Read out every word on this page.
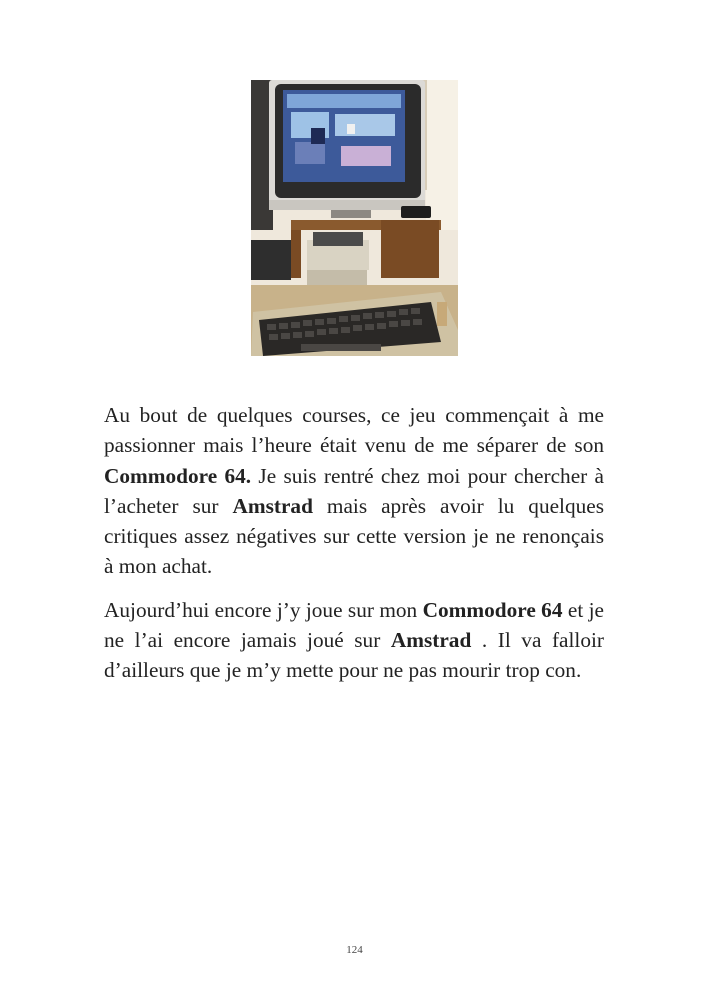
Au bout de quelques courses, ce jeu commençait à me passionner mais l’heure était venu de me séparer de son Commodore 64. Je suis rentré chez moi pour chercher à l’acheter sur Amstrad mais après avoir lu quelques critiques assez négatives sur cette version je ne renonçais à mon achat.

Aujourd’hui encore j’y joue sur mon Commodore 64 et je ne l’ai encore jamais joué sur Amstrad . Il va falloir d’ailleurs que je m’y mette pour ne pas mourir trop con.

124
